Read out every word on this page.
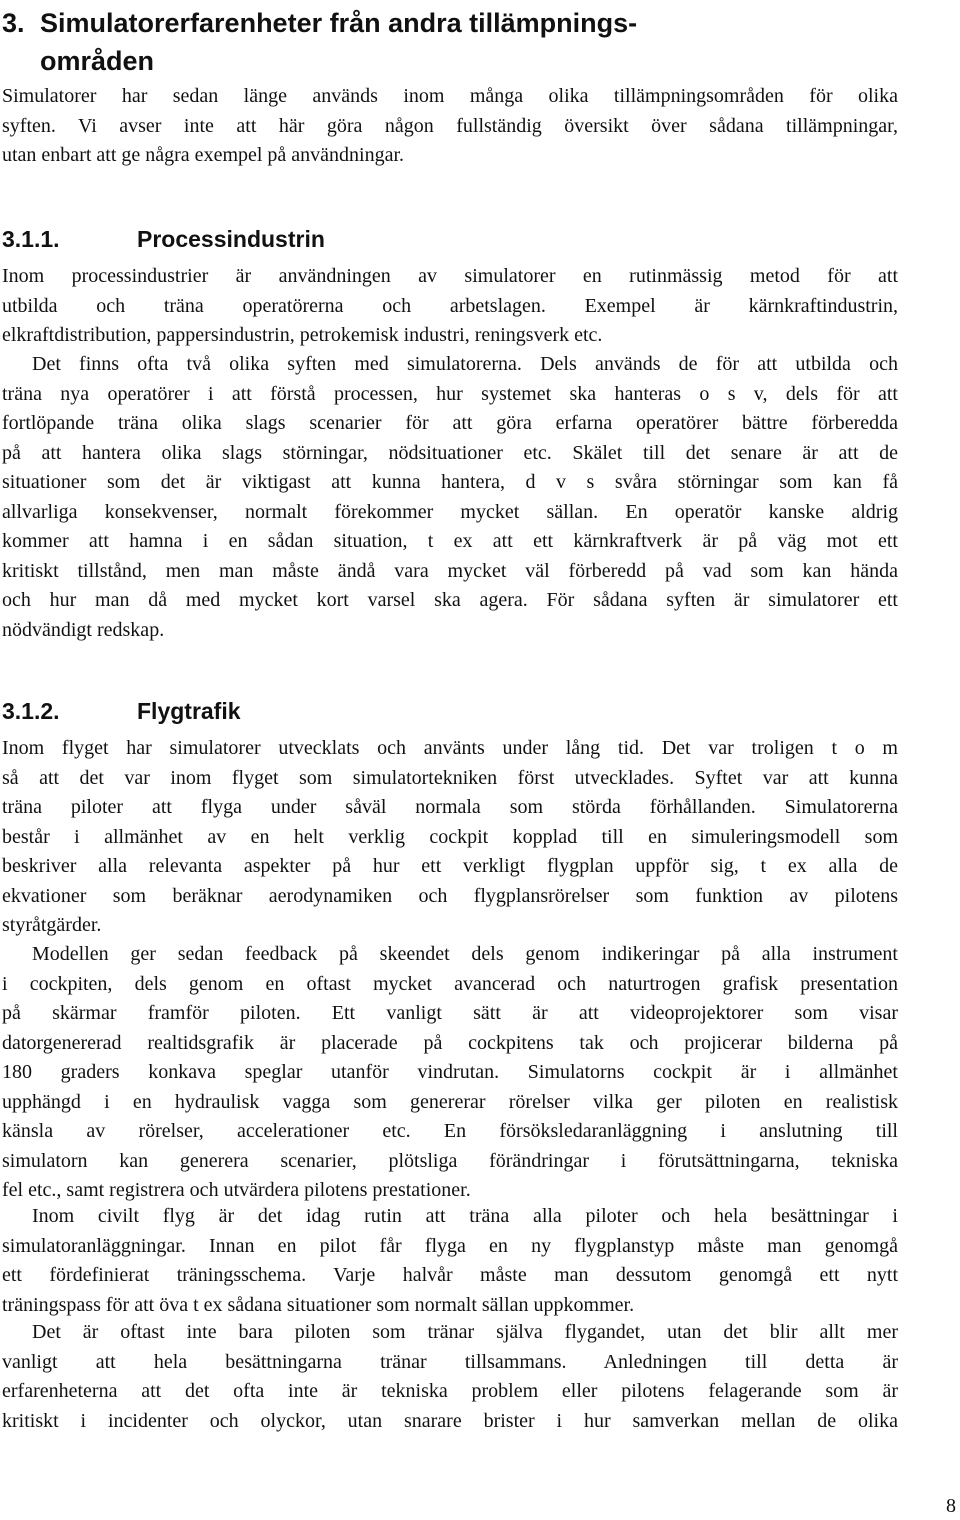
3. Simulatorerfarenheter från andra tillämpnings-
områden

Simulatorer har sedan länge används inom många olika tillämpningsområden för olika
syften. Vi avser inte att här göra någon fullständig översikt över sådana tillämpningar,
utan enbart att ge några exempel på användningar.

3.1.1.	Processindustrin

Inom processindustrier är användningen av simulatorer en rutinmässig metod för att
utbilda och träna operatörerna och arbetslagen. Exempel är kärnkraftindustrin,
elkraftdistribution, pappersindustrin, petrokemisk industri, reningsverk etc.

Det finns ofta två olika syften med simulatorerna. Dels används de för att utbilda och
träna nya operatörer i att förstå processen, hur systemet ska hanteras o s v, dels för att
fortlöpande träna olika slags scenarier för att göra erfarna operatörer bättre förberedda
på att hantera olika slags störningar, nödsituationer etc. Skälet till det senare är att de
situationer som det är viktigast att kunna hantera, d v s svåra störningar som kan få
allvarliga konsekvenser, normalt förekommer mycket sällan. En operatör kanske aldrig
kommer att hamna i en sådan situation, t ex att ett kärnkraftverk är på väg mot ett
kritiskt tillstånd, men man måste ändå vara mycket väl förberedd på vad som kan hända
och hur man då med mycket kort varsel ska agera. För sådana syften är simulatorer ett
nödvändigt redskap.

3.1.2.	Flygtrafik

Inom flyget har simulatorer utvecklats och använts under lång tid. Det var troligen t o m
så att det var inom flyget som simulatortekniken först utvecklades. Syftet var att kunna
träna piloter att flyga under såväl normala som störda förhållanden. Simulatorerna
består i allmänhet av en helt verklig cockpit kopplad till en simuleringsmodell som
beskriver alla relevanta aspekter på hur ett verkligt flygplan uppför sig, t ex alla de
ekvationer som beräknar aerodynamiken och flygplansrörelser som funktion av pilotens
styråtgärder.

Modellen ger sedan feedback på skeendet dels genom indikeringar på alla instrument
i cockpiten, dels genom en oftast mycket avancerad och naturtrogen grafisk presentation
på skärmar framför piloten. Ett vanligt sätt är att videoprojektorer som visar
datorgenererad realtidsgrafik är placerade på cockpitens tak och projicerar bilderna på
180 graders konkava speglar utanför vindrutan. Simulatorns cockpit är i allmänhet
upphängd i en hydraulisk vagga som genererar rörelser vilka ger piloten en realistisk
känsla av rörelser, accelerationer etc. En försöksledaranläggning i anslutning till
simulatorn kan generera scenarier, plötsliga förändringar i förutsättningarna, tekniska
fel etc., samt registrera och utvärdera pilotens prestationer.

Inom civilt flyg är det idag rutin att träna alla piloter och hela besättningar i
simulatoranläggningar. Innan en pilot får flyga en ny flygplanstyp måste man genomgå
ett fördefinierat träningsschema. Varje halvår måste man dessutom genomgå ett nytt
träningspass för att öva t ex sådana situationer som normalt sällan uppkommer.

Det är oftast inte bara piloten som tränar själva flygandet, utan det blir allt mer
vanligt att hela besättningarna tränar tillsammans. Anledningen till detta är
erfarenheterna att det ofta inte är tekniska problem eller pilotens felagerande som är
kritiskt i incidenter och olyckor, utan snarare brister i hur samverkan mellan de olika

8
